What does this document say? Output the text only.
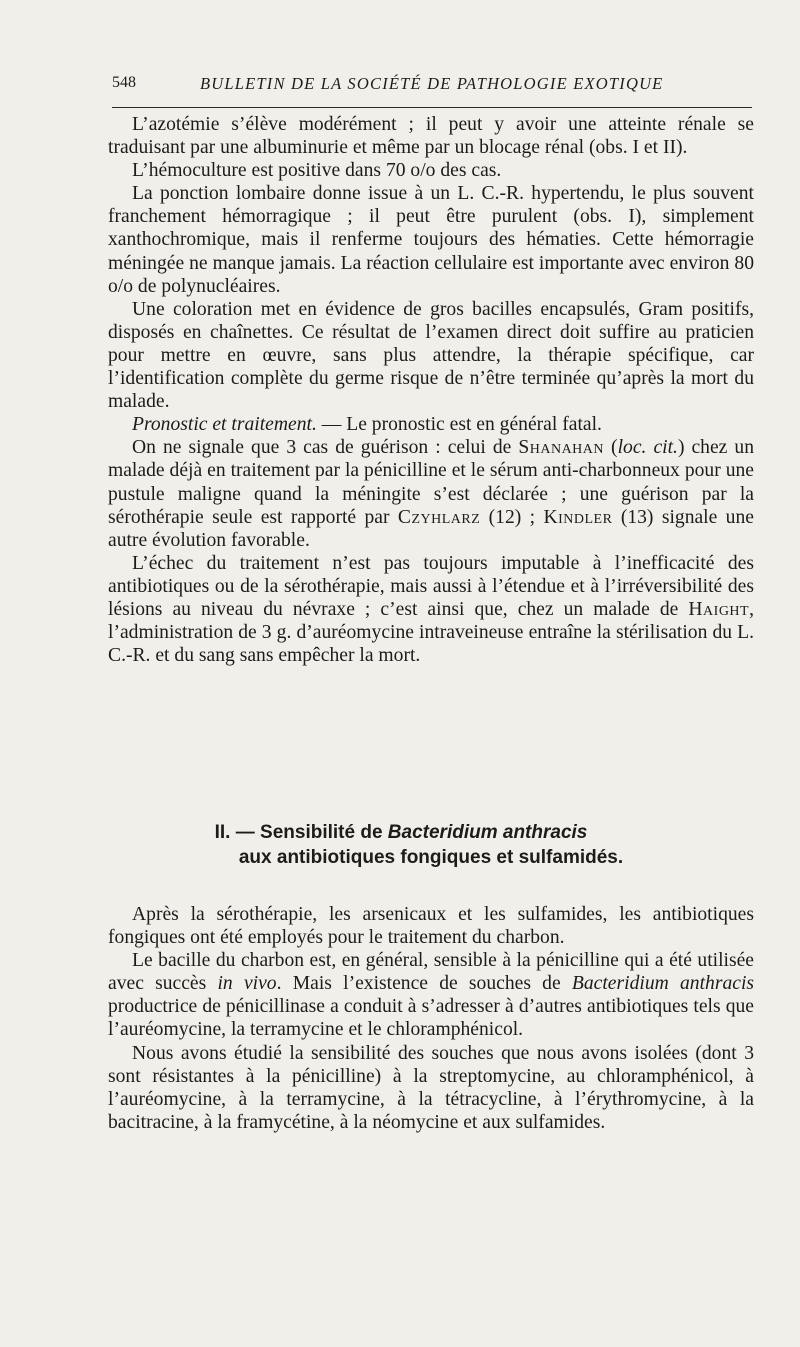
548	BULLETIN DE LA SOCIÉTÉ DE PATHOLOGIE EXOTIQUE

L’azotémie s’élève modérément ; il peut y avoir une atteinte rénale se traduisant par une albuminurie et même par un blocage rénal (obs. I et II).

L’hémoculture est positive dans 70 o/o des cas.

La ponction lombaire donne issue à un L. C.-R. hypertendu, le plus souvent franchement hémorragique ; il peut être purulent (obs. I), simplement xanthochromique, mais il renferme toujours des hématies. Cette hémorragie méningée ne manque jamais. La réaction cellulaire est importante avec environ 80 o/o de polynucléaires.

Une coloration met en évidence de gros bacilles encapsulés, Gram positifs, disposés en chaînettes. Ce résultat de l’examen direct doit suffire au praticien pour mettre en œuvre, sans plus attendre, la thérapie spécifique, car l’identification complète du germe risque de n’être terminée qu’après la mort du malade.

Pronostic et traitement. — Le pronostic est en général fatal.

On ne signale que 3 cas de guérison : celui de Shanahan (loc. cit.) chez un malade déjà en traitement par la pénicilline et le sérum anti-charbonneux pour une pustule maligne quand la méningite s’est déclarée ; une guérison par la sérothérapie seule est rapporté par Czyhlarz (12) ; Kindler (13) signale une autre évolution favorable.

L’échec du traitement n’est pas toujours imputable à l’inefficacité des antibiotiques ou de la sérothérapie, mais aussi à l’étendue et à l’irréversibilité des lésions au niveau du névraxe ; c’est ainsi que, chez un malade de Haight, l’administration de 3 g. d’auréomycine intraveineuse entraîne la stérilisation du L. C.-R. et du sang sans empêcher la mort.

II. — Sensibilité de Bacteridium anthracis
aux antibiotiques fongiques et sulfamidés.

Après la sérothérapie, les arsenicaux et les sulfamides, les antibiotiques fongiques ont été employés pour le traitement du charbon.

Le bacille du charbon est, en général, sensible à la pénicilline qui a été utilisée avec succès in vivo. Mais l’existence de souches de Bacteridium anthracis productrice de pénicillinase a conduit à s’adresser à d’autres antibiotiques tels que l’auréomycine, la terramycine et le chloramphénicol.

Nous avons étudié la sensibilité des souches que nous avons isolées (dont 3 sont résistantes à la pénicilline) à la streptomycine, au chloramphénicol, à l’auréomycine, à la terramycine, à la tétracycline, à l’érythromycine, à la bacitracine, à la framycétine, à la néomycine et aux sulfamides.
